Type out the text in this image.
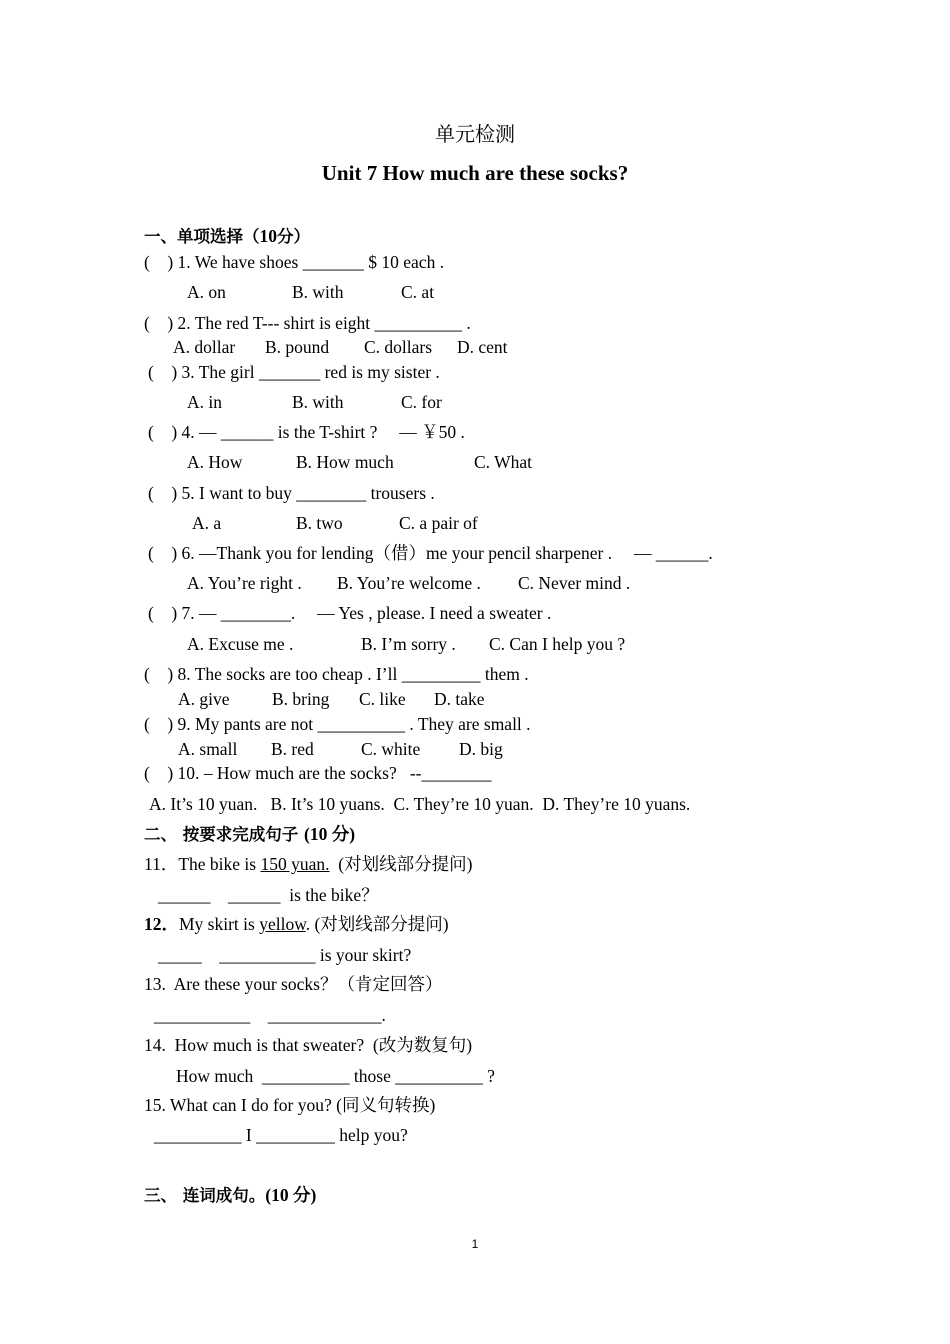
单元检测
Unit 7 How much are these socks?
一、单项选择（10分）
(    ) 1. We have shoes _______ $ 10 each .
A. on	B. with	C. at
(    ) 2. The red T--- shirt is eight __________ .
A. dollar B. pound C. dollars D. cent
(    ) 3. The girl _______ red is my sister .
A. in	B. with	C. for
(    ) 4. — ______ is the T-shirt ?     — ￥50 .
A. How	B. How much	C. What
(    ) 5. I want to buy ________ trousers .
A. a	B. two	C. a pair of
(    ) 6. —Thank you for lending（借）me your pencil sharpener .     — ______.
A. You’re right . B. You’re welcome . C. Never mind .
(    ) 7. — ________.     — Yes , please. I need a sweater .
A. Excuse me .	B. I’m sorry . C. Can I help you ?
(    ) 8. The socks are too cheap . I’ll _________ them .
A. give B. bring C. like D. take
(    ) 9. My pants are not __________ . They are small .
A. small B. red	C. white D. big
(    ) 10. – How much are the socks?   --________
A. It’s 10 yuan.   B. It’s 10 yuans.  C. They’re 10 yuan.  D. They’re 10 yuans.
二、 按要求完成句子 (10 分)
11．The bike is 150 yuan.  (对划线部分提问)
______    ______  is the bike？
12．My skirt is yellow. (对划线部分提问)
_____    ___________ is your skirt?
13.  Are these your socks？（肯定回答）
___________    _____________.
14.  How much is that sweater?  (改为数复句)
How much  __________ those __________ ?
15. What can I do for you? (同义句转换)
__________ I _________ help you?
三、 连词成句。(10 分)
1
